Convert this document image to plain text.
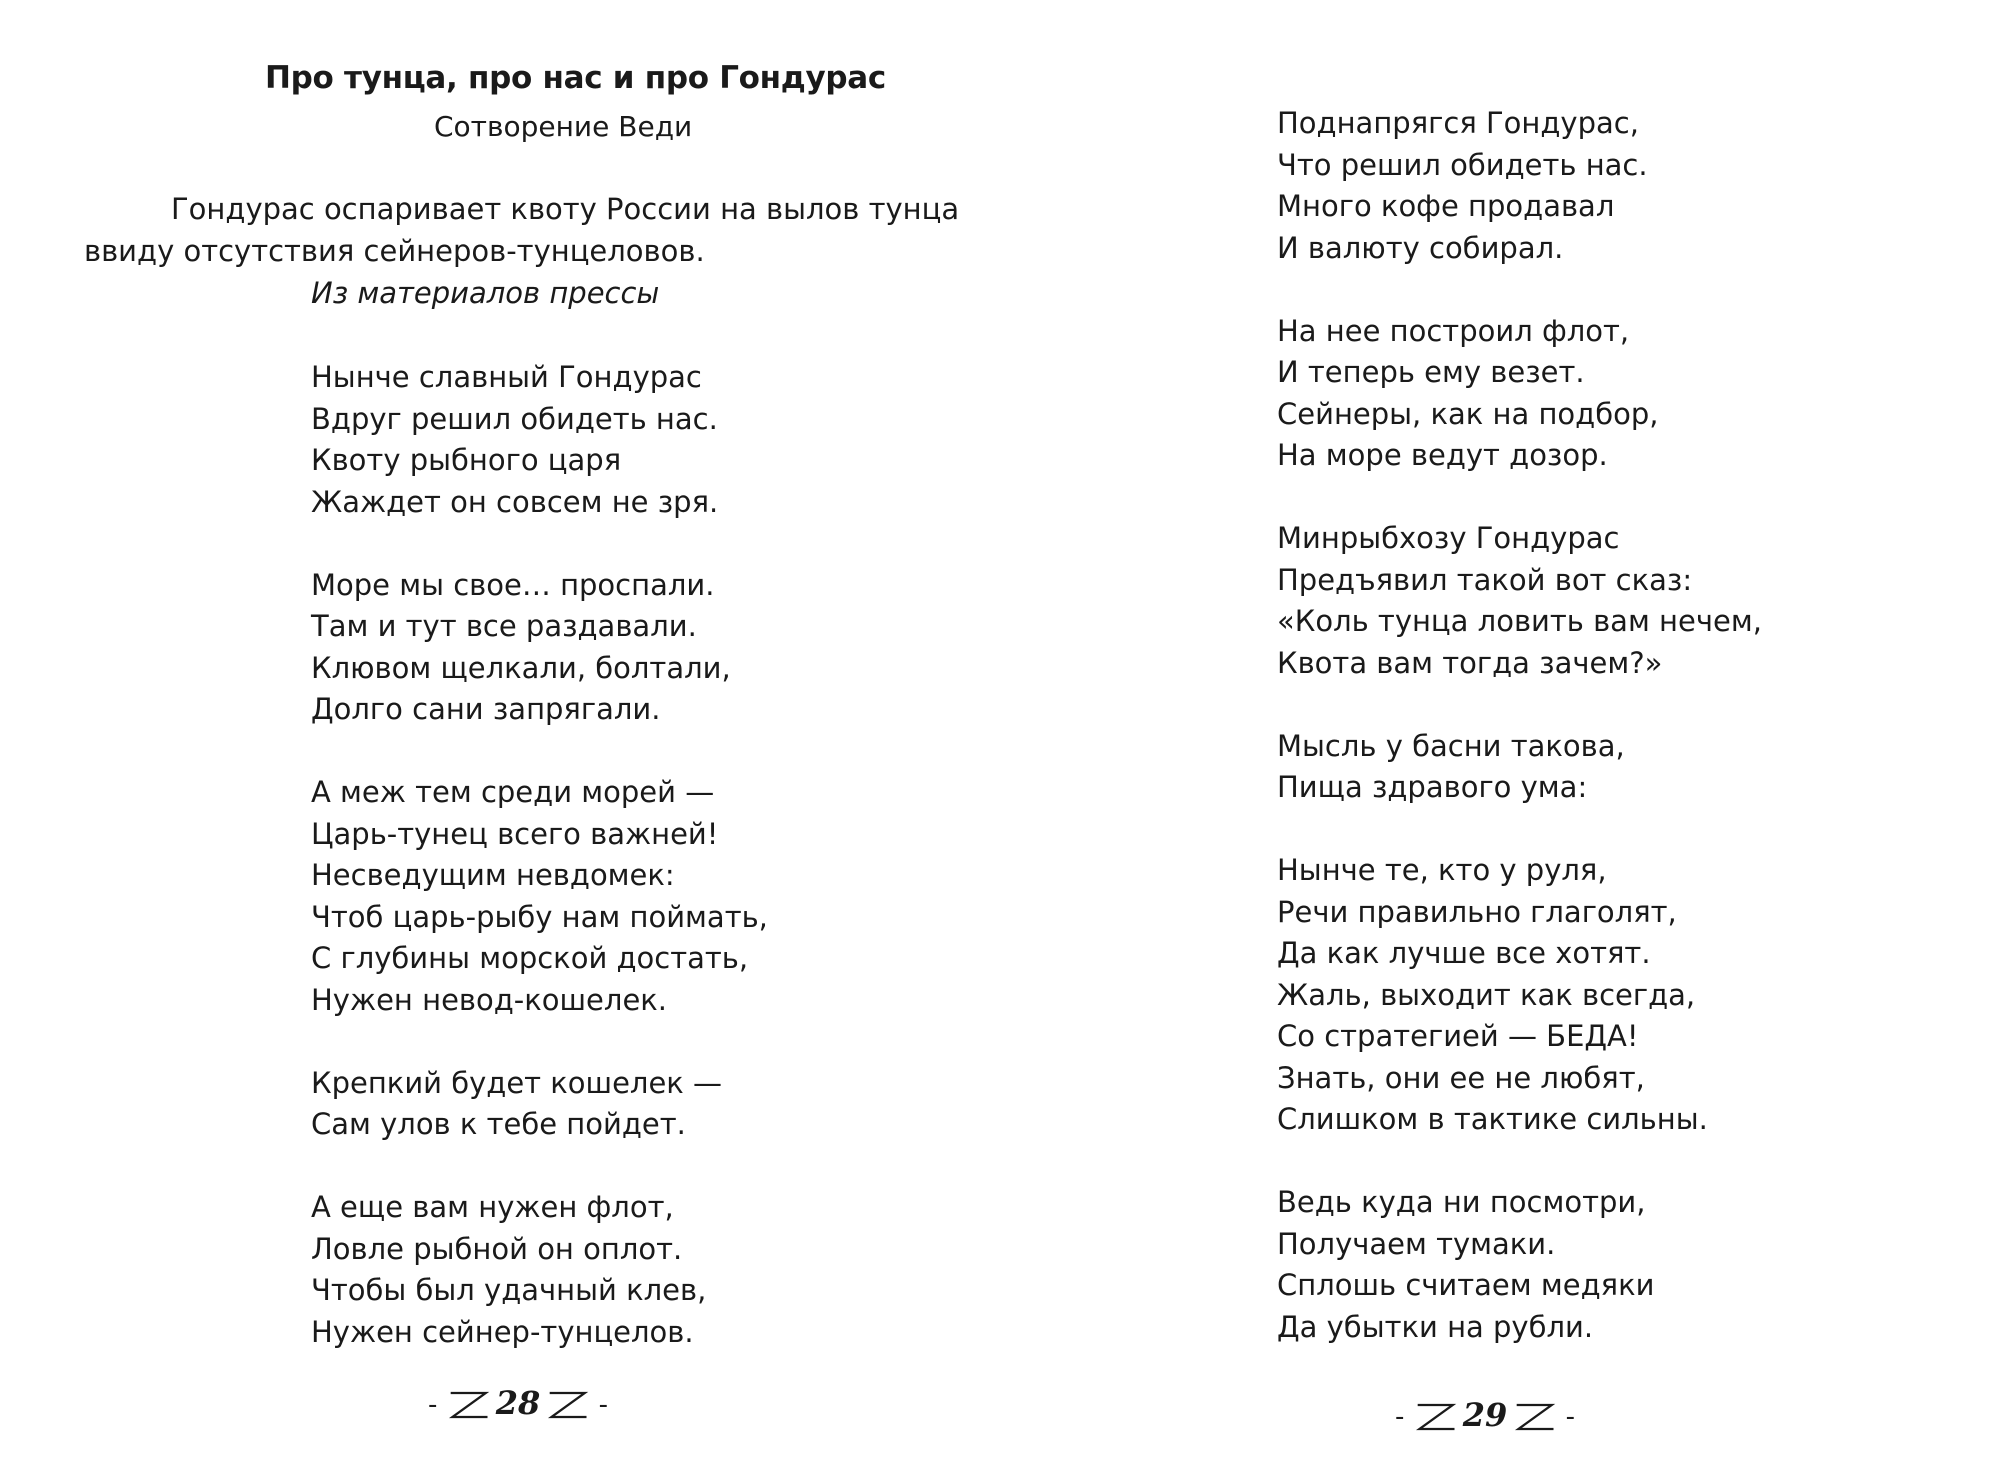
Про тунца, про нас и про Гондурас
Сотворение Веди
Гондурас оспаривает квоту России на вылов тунца
ввиду отсутствия сейнеров-тунцеловов.
Из материалов прессы
Нынче славный Гондурас
Вдруг решил обидеть нас.
Квоту рыбного царя
Жаждет он совсем не зря.
Море мы свое… проспали.
Там и тут все раздавали.
Клювом щелкали, болтали,
Долго сани запрягали.
А меж тем среди морей —
Царь-тунец всего важней!
Несведущим невдомек:
Чтоб царь-рыбу нам поймать,
С глубины морской достать,
Нужен невод-кошелек.
Крепкий будет кошелек —
Сам улов к тебе пойдет.
А еще вам нужен флот,
Ловле рыбной он оплот.
Чтобы был удачный клев,
Нужен сейнер-тунцелов.
- 28 -
Поднапрягся Гондурас,
Что решил обидеть нас.
Много кофе продавал
И валюту собирал.
На нее построил флот,
И теперь ему везет.
Сейнеры, как на подбор,
На море ведут дозор.
Минрыбхозу Гондурас
Предъявил такой вот сказ:
«Коль тунца ловить вам нечем,
Квота вам тогда зачем?»
Мысль у басни такова,
Пища здравого ума:
Нынче те, кто у руля,
Речи правильно глаголят,
Да как лучше все хотят.
Жаль, выходит как всегда,
Со стратегией — БЕДА!
Знать, они ее не любят,
Слишком в тактике сильны.
Ведь куда ни посмотри,
Получаем тумаки.
Сплошь считаем медяки
Да убытки на рубли.
- 29 -
